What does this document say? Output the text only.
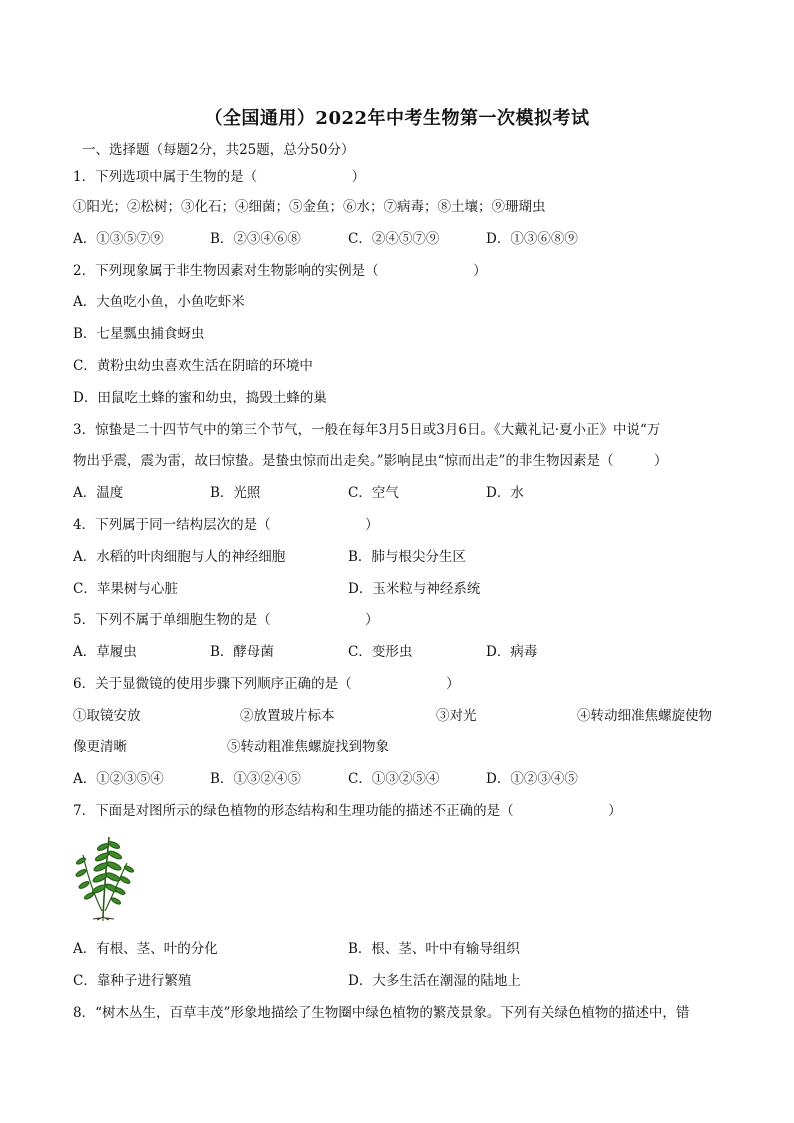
（全国通用）2022年中考生物第一次模拟考试
一、选择题（每题2分，共25题，总分50分）
1．下列选项中属于生物的是（　　　　　　　）
①阳光；②松树；③化石；④细菌；⑤金鱼；⑥水；⑦病毒；⑧土壤；⑨珊瑚虫
A．①③⑤⑦⑨	B．②③④⑥⑧	C．②④⑤⑦⑨	D．①③⑥⑧⑨
2．下列现象属于非生物因素对生物影响的实例是（　　　　　　　）
A．大鱼吃小鱼，小鱼吃虾米
B．七星瓢虫捕食蚜虫
C．黄粉虫幼虫喜欢生活在阴暗的环境中
D．田鼠吃土蜂的蜜和幼虫，捣毁土蜂的巢
3．惊蛰是二十四节气中的第三个节气，一般在每年3月5日或3月6日。《大戴礼记·夏小正》中说“万
物出乎震，震为雷，故曰惊蛰。是蛰虫惊而出走矣。”影响昆虫“惊而出走”的非生物因素是（　　　）
A．温度	B．光照	C．空气	D．水
4．下列属于同一结构层次的是（　　　　　　　）
A．水稻的叶肉细胞与人的神经细胞	B．肺与根尖分生区
C．苹果树与心脏	D．玉米粒与神经系统
5．下列不属于单细胞生物的是（　　　　　　　）
A．草履虫	B．酵母菌	C．变形虫	D．病毒
6．关于显微镜的使用步骤下列顺序正确的是（　　　　　　　）
①取镜安放	②放置玻片标本	③对光	④转动细准焦螺旋使物
像更清晰	⑤转动粗准焦螺旋找到物象
A．①②③⑤④	B．①③②④⑤	C．①③②⑤④	D．①②③④⑤
7．下面是对图所示的绿色植物的形态结构和生理功能的描述不正确的是（　　　　　　　）
A．有根、茎、叶的分化	B．根、茎、叶中有输导组织
C．靠种子进行繁殖	D．大多生活在潮湿的陆地上
8．“树木丛生，百草丰茂”形象地描绘了生物圈中绿色植物的繁茂景象。下列有关绿色植物的描述中，错
